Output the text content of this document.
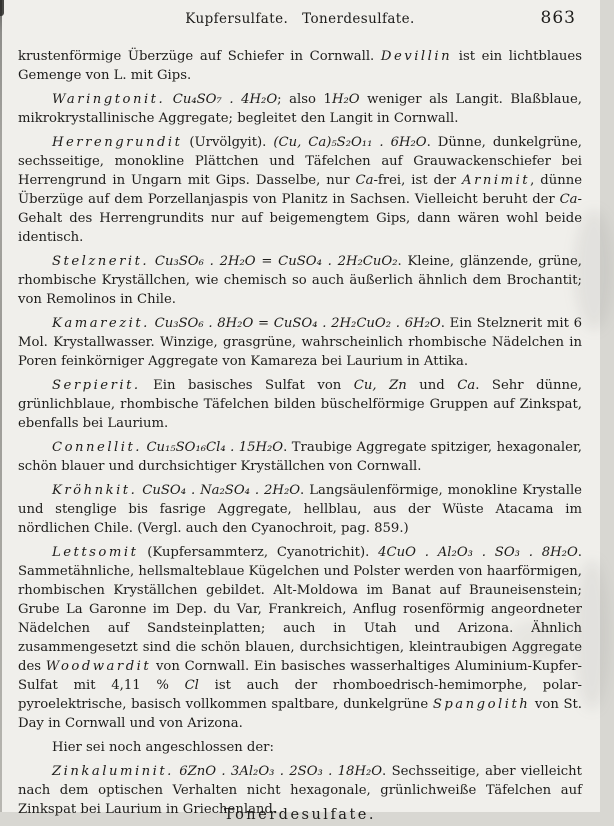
Kupfersulfate. Tonerdesulfate.	863

krustenförmige Überzüge auf Schiefer in Cornwall. Devillin ist ein lichtblaues Gemenge von L. mit Gips.

Waringtonit. Cu₄SO₇ . 4H₂O; also 1H₂O weniger als Langit. Blaßblaue, mikrokrystallinische Aggregate; begleitet den Langit in Cornwall.

Herrengrundit (Urvölgyit). (Cu, Ca)₅S₂O₁₁ . 6H₂O. Dünne, dunkelgrüne, sechsseitige, monokline Plättchen und Täfelchen auf Grauwackenschiefer bei Herrengrund in Ungarn mit Gips. Dasselbe, nur Ca-frei, ist der Arnimit, dünne Überzüge auf dem Porzellanjaspis von Planitz in Sachsen. Vielleicht beruht der Ca-Gehalt des Herrengrundits nur auf beigemengtem Gips, dann wären wohl beide identisch.

Stelznerit. Cu₃SO₆ . 2H₂O = CuSO₄ . 2H₂CuO₂. Kleine, glänzende, grüne, rhombische Kryställchen, wie chemisch so auch äußerlich ähnlich dem Brochantit; von Remolinos in Chile.

Kamarezit. Cu₃SO₆ . 8H₂O = CuSO₄ . 2H₂CuO₂ . 6H₂O. Ein Stelznerit mit 6 Mol. Krystallwasser. Winzige, grasgrüne, wahrscheinlich rhombische Nädelchen in Poren feinkörniger Aggregate von Kamareza bei Laurium in Attika.

Serpierit. Ein basisches Sulfat von Cu, Zn und Ca. Sehr dünne, grünlichblaue, rhombische Täfelchen bilden büschelförmige Gruppen auf Zinkspat, ebenfalls bei Laurium.

Connellit. Cu₁₅SO₁₆Cl₄ . 15H₂O. Traubige Aggregate spitziger, hexagonaler, schön blauer und durchsichtiger Kryställchen von Cornwall.

Kröhnkit. CuSO₄ . Na₂SO₄ . 2H₂O. Langsäulenförmige, monokline Krystalle und stenglige bis fasrige Aggregate, hellblau, aus der Wüste Atacama im nördlichen Chile. (Vergl. auch den Cyanochroit, pag. 859.)

Lettsomit (Kupfersammterz, Cyanotrichit). 4CuO . Al₂O₃ . SO₃ . 8H₂O. Sammetähnliche, hellsmalteblaue Kügelchen und Polster werden von haarförmigen, rhombischen Kryställchen gebildet. Alt-Moldowa im Banat auf Brauneisenstein; Grube La Garonne im Dep. du Var, Frankreich, Anflug rosenförmig angeordneter Nädelchen auf Sandsteinplatten; auch in Utah und Arizona. Ähnlich zusammengesetzt sind die schön blauen, durchsichtigen, kleintraubigen Aggregate des Woodwardit von Cornwall. Ein basisches wasserhaltiges Aluminium-Kupfer-Sulfat mit 4,11 % Cl ist auch der rhomboedrisch-hemimorphe, polar-pyroelektrische, basisch vollkommen spaltbare, dunkelgrüne Spangolith von St. Day in Cornwall und von Arizona.

Hier sei noch angeschlossen der:

Zinkaluminit. 6ZnO . 3Al₂O₃ . 2SO₃ . 18H₂O. Sechsseitige, aber vielleicht nach dem optischen Verhalten nicht hexagonale, grünlichweiße Täfelchen auf Zinkspat bei Laurium in Griechenland.

Tonerdesulfate.
